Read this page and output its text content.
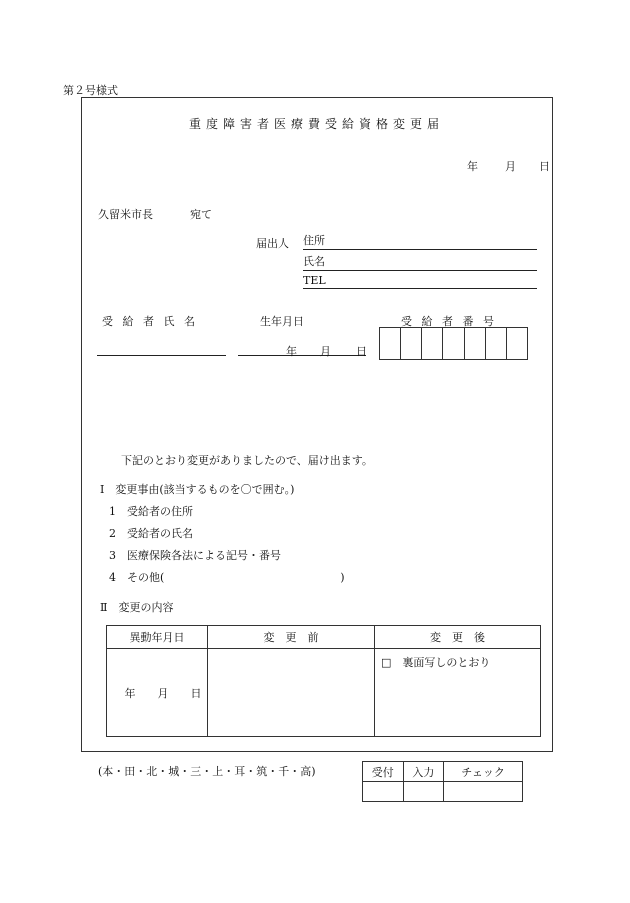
第２号様式
重度障害者医療費受給資格変更届
年 月 日
久留米市長	宛て
届出人 住所
氏名
TEL
受 給 者 氏 名	生年月日	受 給 者 番 号
年 月 日
下記のとおり変更がありましたので、届け出ます。
Ⅰ　変更事由(該当するものを〇で囲む。)
1　受給者の住所
2　受給者の氏名
3　医療保険各法による記号・番号
4　その他(　　　　　　　　　　　　　　　　)
Ⅱ　変更の内容
異動年月日	変　更　前	変　更　後
年　　月　　日		□　裏面写しのとおり
(本・田・北・城・三・上・耳・筑・千・高)	受付	入力	チェック
